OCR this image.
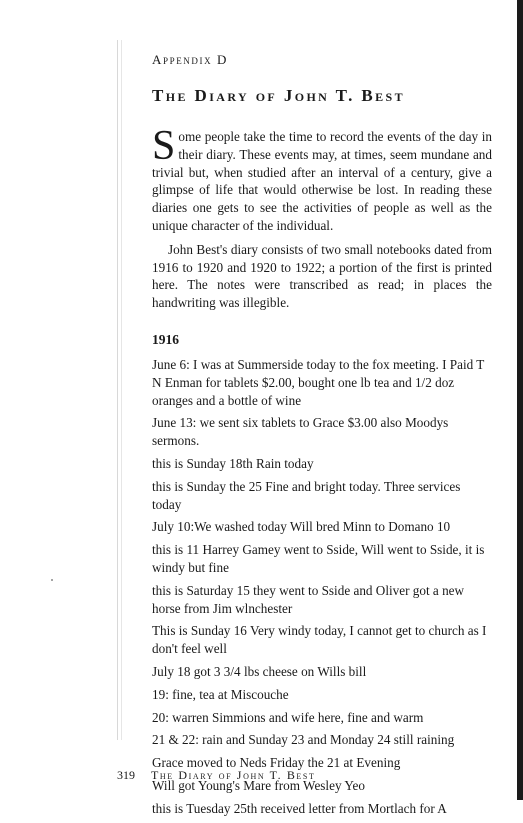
Appendix D
The Diary of John T. Best
Some people take the time to record the events of the day in their diary. These events may, at times, seem mundane and trivial but, when studied after an interval of a century, give a glimpse of life that would otherwise be lost. In reading these diaries one gets to see the activities of people as well as the unique character of the individual.
John Best's diary consists of two small notebooks dated from 1916 to 1920 and 1920 to 1922; a portion of the first is printed here. The notes were transcribed as read; in places the handwriting was illegible.
1916
June 6: I was at Summerside today to the fox meeting. I Paid T N Enman for tablets $2.00, bought one lb tea and 1/2 doz oranges and a bottle of wine
June 13: we sent six tablets to Grace $3.00 also Moodys sermons.
this is Sunday 18th Rain today
this is Sunday the 25 Fine and bright today. Three services today
July 10:We washed today Will bred Minn to Domano 10
this is 11 Harrey Gamey went to Sside, Will went to Sside, it is windy but fine
this is Saturday 15 they went to Sside and Oliver got a new horse from Jim wlnchester
This is Sunday 16 Very windy today, I cannot get to church as I don't feel well
July 18 got 3 3/4 lbs cheese on Wills bill
19: fine, tea at Miscouche
20: warren Simmions and wife here, fine and warm
21 & 22: rain and Sunday 23 and Monday 24 still raining
Grace moved to Neds Friday the 21 at Evening
Will got Young's Mare from Wesley Yeo
this is Tuesday 25th received letter from Mortlach for A
319 The Diary of John T. Best
